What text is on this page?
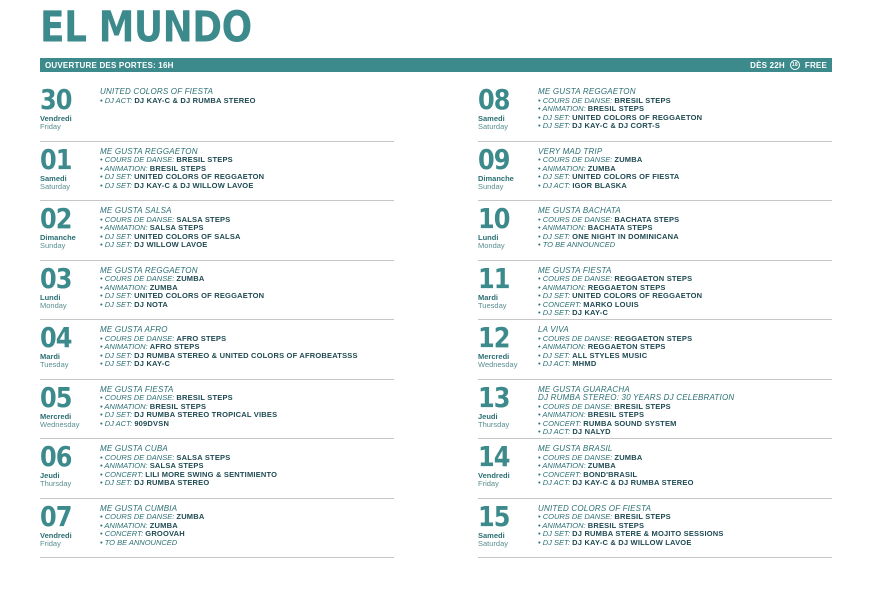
EL MUNDO
OUVERTURE DES PORTES: 16H	DÈS 22H	18 FREE
30
Vendredi
Friday
UNITED COLORS OF FIESTA
• DJ ACT: DJ KAY-C & DJ RUMBA STEREO
01
Samedi
Saturday
ME GUSTA REGGAETON
• COURS DE DANSE: BRESIL STEPS
• ANIMATION: BRESIL STEPS
• DJ SET: UNITED COLORS OF REGGAETON
• DJ SET: DJ KAY-C & DJ WILLOW LAVOE
02
Dimanche
Sunday
ME GUSTA SALSA
• COURS DE DANSE: SALSA STEPS
• ANIMATION: SALSA STEPS
• DJ SET: UNITED COLORS OF SALSA
• DJ SET: DJ WILLOW LAVOE
03
Lundi
Monday
ME GUSTA REGGAETON
• COURS DE DANSE: ZUMBA
• ANIMATION: ZUMBA
• DJ SET: UNITED COLORS OF REGGAETON
• DJ SET: DJ NOTA
04
Mardi
Tuesday
ME GUSTA AFRO
• COURS DE DANSE: AFRO STEPS
• ANIMATION: AFRO STEPS
• DJ SET: DJ RUMBA STEREO & UNITED COLORS OF AFROBEATSSS
• DJ SET: DJ KAY-C
05
Mercredi
Wednesday
ME GUSTA FIESTA
• COURS DE DANSE: BRESIL STEPS
• ANIMATION: BRESIL STEPS
• DJ SET: DJ RUMBA STEREO TROPICAL VIBES
• DJ ACT: 909DVSN
06
Jeudi
Thursday
ME GUSTA CUBA
• COURS DE DANSE: SALSA STEPS
• ANIMATION: SALSA STEPS
• CONCERT: LILI MORE SWING & SENTIMIENTO
• DJ SET: DJ RUMBA STEREO
07
Vendredi
Friday
ME GUSTA CUMBIA
• COURS DE DANSE: ZUMBA
• ANIMATION: ZUMBA
• CONCERT: GROOVAH
• TO BE ANNOUNCED
08
Samedi
Saturday
ME GUSTA REGGAETON
• COURS DE DANSE: BRESIL STEPS
• ANIMATION: BRESIL STEPS
• DJ SET: UNITED COLORS OF REGGAETON
• DJ SET: DJ KAY-C & DJ CORT-S
09
Dimanche
Sunday
VERY MAD TRIP
• COURS DE DANSE: ZUMBA
• ANIMATION: ZUMBA
• DJ SET: UNITED COLORS OF FIESTA
• DJ ACT: IGOR BLASKA
10
Lundi
Monday
ME GUSTA BACHATA
• COURS DE DANSE: BACHATA STEPS
• ANIMATION: BACHATA STEPS
• DJ SET: ONE NIGHT IN DOMINICANA
• TO BE ANNOUNCED
11
Mardi
Tuesday
ME GUSTA FIESTA
• COURS DE DANSE: REGGAETON STEPS
• ANIMATION: REGGAETON STEPS
• DJ SET: UNITED COLORS OF REGGAETON
• CONCERT: MARKO LOUIS
• DJ SET: DJ KAY-C
12
Mercredi
Wednesday
LA VIVA
• COURS DE DANSE: REGGAETON STEPS
• ANIMATION: REGGAETON STEPS
• DJ SET: ALL STYLES MUSIC
• DJ ACT: MHMD
13
Jeudi
Thursday
ME GUSTA GUARACHA
DJ RUMBA STEREO: 30 YEARS DJ CELEBRATION
• COURS DE DANSE: BRESIL STEPS
• ANIMATION: BRESIL STEPS
• CONCERT: RUMBA SOUND SYSTEM
• DJ ACT: DJ NALYD
14
Vendredi
Friday
ME GUSTA BRASIL
• COURS DE DANSE: ZUMBA
• ANIMATION: ZUMBA
• CONCERT: BOND'BRASIL
• DJ ACT: DJ KAY-C & DJ RUMBA STEREO
15
Samedi
Saturday
UNITED COLORS OF FIESTA
• COURS DE DANSE: BRESIL STEPS
• ANIMATION: BRESIL STEPS
• DJ SET: DJ RUMBA STERE & MOJITO SESSIONS
• DJ SET: DJ KAY-C & DJ WILLOW LAVOE
